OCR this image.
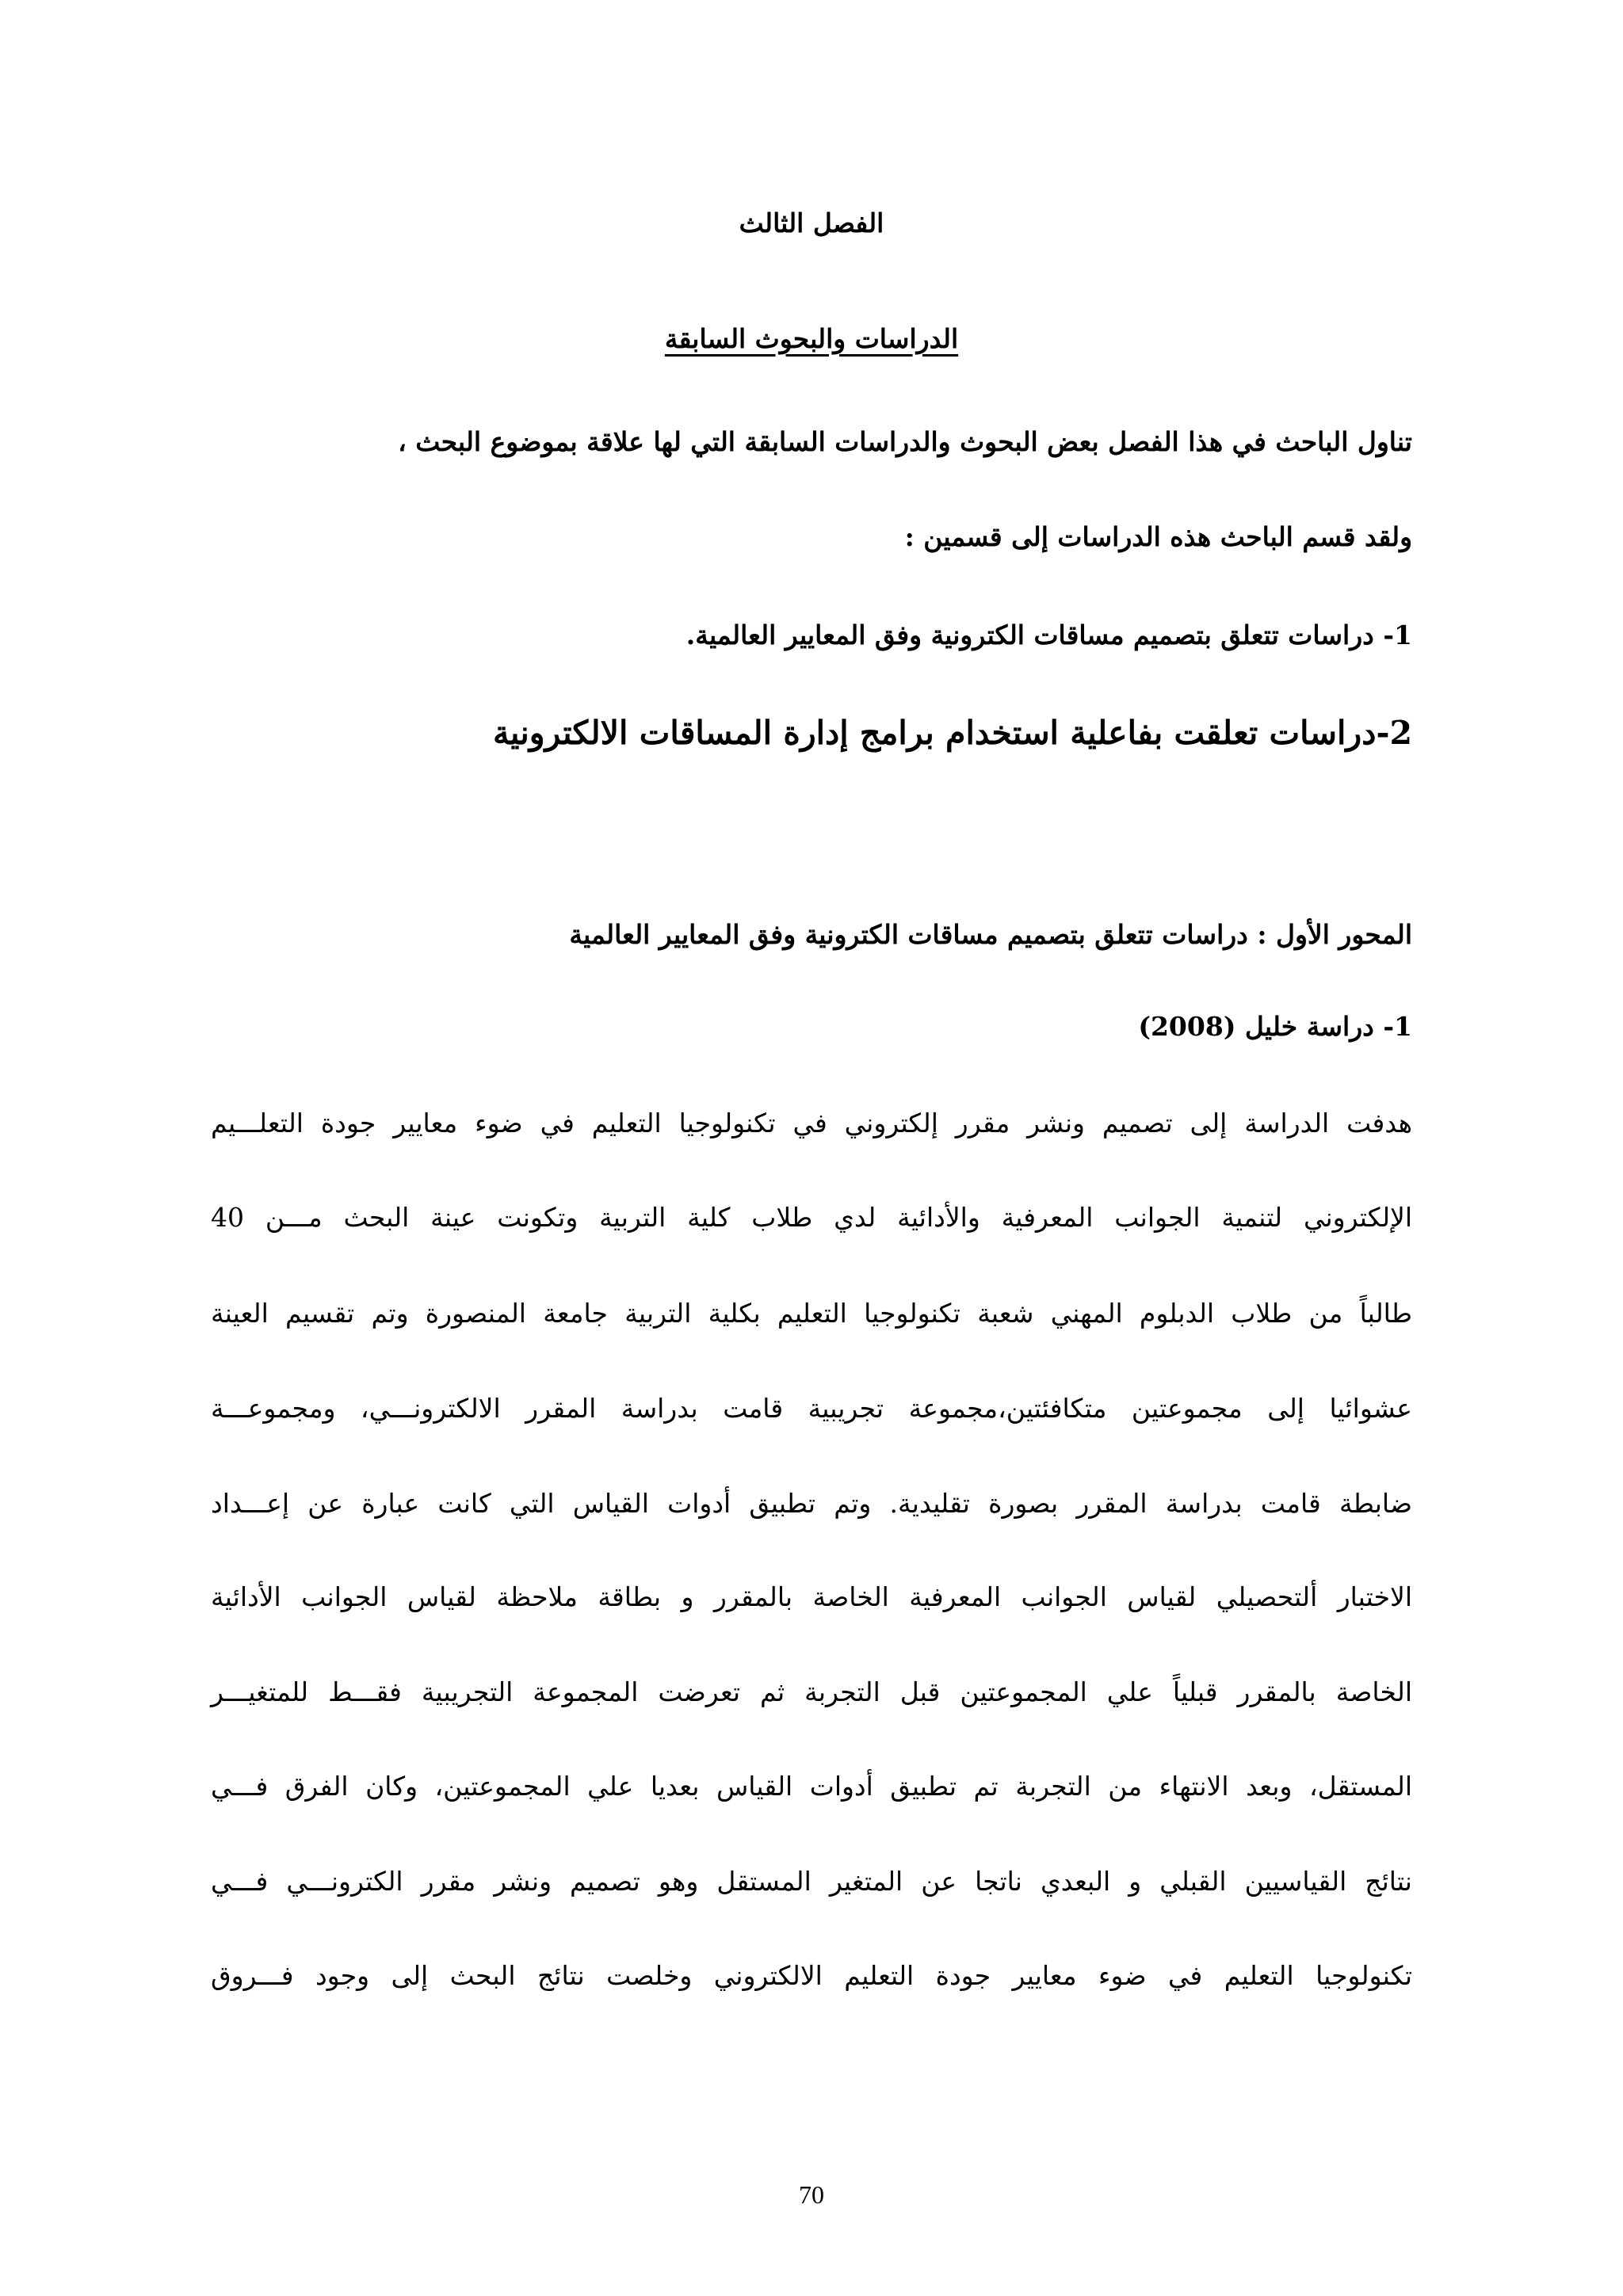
الفصل الثالث
الدراسات والبحوث السابقة
تناول الباحث في هذا الفصل بعض البحوث والدراسات السابقة التي لها علاقة بموضوع البحث ،
ولقد قسم الباحث هذه الدراسات إلى قسمين :
1- دراسات تتعلق بتصميم مساقات الكترونية وفق المعايير العالمية.
2-دراسات تعلقت بفاعلية استخدام برامج إدارة المساقات الالكترونية
المحور الأول : دراسات تتعلق بتصميم مساقات الكترونية وفق المعايير العالمية
1- دراسة خليل (2008)
هدفت الدراسة إلى تصميم ونشر مقرر إلكتروني في تكنولوجيا التعليم في ضوء معايير جودة التعلـــيم
الإلكتروني لتنمية الجوانب المعرفية والأدائية لدي طلاب كلية التربية وتكونت عينة البحث مـــن 40
طالباً من طلاب الدبلوم المهني شعبة تكنولوجيا التعليم بكلية التربية جامعة المنصورة وتم تقسيم العينة
عشوائيا إلى مجموعتين متكافئتين،مجموعة تجريبية قامت بدراسة المقرر الالكترونـــي، ومجموعـــة
ضابطة قامت بدراسة المقرر بصورة تقليدية. وتم تطبيق أدوات القياس التي كانت عبارة عن إعـــداد
الاختبار ألتحصيلي لقياس الجوانب المعرفية الخاصة بالمقرر و بطاقة ملاحظة لقياس الجوانب الأدائية
الخاصة بالمقرر قبلياً علي المجموعتين قبل التجربة ثم تعرضت المجموعة التجريبية فقـــط للمتغيـــر
المستقل، وبعد الانتهاء من التجربة تم تطبيق أدوات القياس بعديا علي المجموعتين، وكان الفرق فـــي
نتائج القياسيين القبلي و البعدي ناتجا عن المتغير المستقل وهو تصميم ونشر مقرر الكترونـــي فـــي
تكنولوجيا التعليم في ضوء معايير جودة التعليم الالكتروني وخلصت نتائج البحث إلى وجود فـــروق
70
